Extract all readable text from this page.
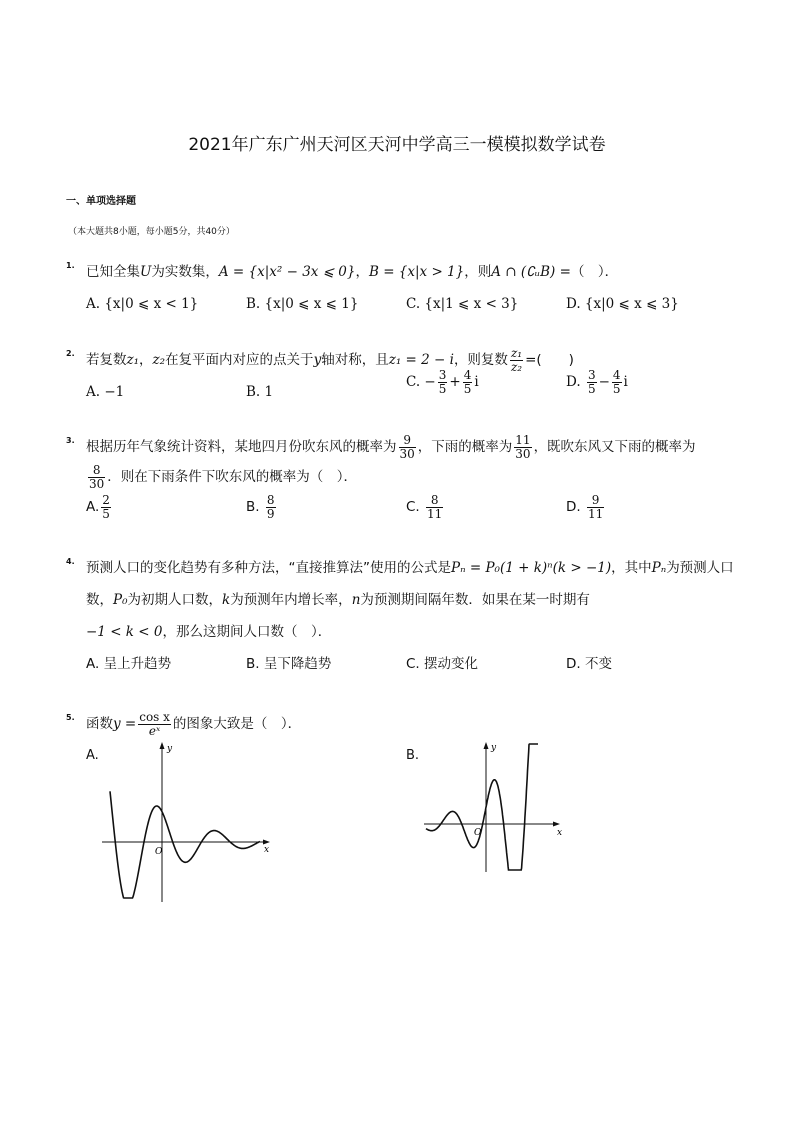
2021年广东广州天河区天河中学高三一模模拟数学试卷
一、单项选择题
（本大题共8小题，每小题5分，共40分）
1. 已知全集U为实数集，A = {x|x² − 3x ⩽ 0}，B = {x|x > 1}，则A ∩ (∁ᵤB) =（　）．
A. {x|0 ⩽ x < 1}	B. {x|0 ⩽ x ⩽ 1}	C. {x|1 ⩽ x < 3}	D. {x|0 ⩽ x ⩽ 3}
2. 若复数z₁，z₂在复平面内对应的点关于y轴对称，且z₁ = 2 − i，则复数 $\frac{\text{z₁}}{\text{z₂}}$ =(　　)
A. −1	B. 1
C. − $\frac{3}{5} + \frac{4}{5}$ i	D. $\frac{3}{5} - \frac{4}{5}$ i
3. 根据历年气象统计资料，某地四月份吹东风的概率为 $\frac{9}{30}$ ，下雨的概率为 $\frac{11}{30}$ ，既吹东风又下雨的概率为

$\frac{8}{30}$ ．则在下雨条件下吹东风的概率为（　）．
A. $\frac{2}{5}$	B. $\frac{8}{9}$	C. $\frac{8}{11}$	D. $\frac{9}{11}$
4. 预测人口的变化趋势有多种方法，“直接推算法”使用的公式是Pₙ = P₀(1 + k)ⁿ(k > −1)，其中Pₙ为预测人口数，P₀为初期人口数，k为预测年内增长率，n为预测期间隔年数．如果在某一时期有
−1 < k < 0，那么这期间人口数（　）．
A. 呈上升趋势	B. 呈下降趋势	C. 摆动变化	D. 不变
5. 函数$y = \frac{\text{cos x}}{\text{eˣ}}$ 的图象大致是（　）．
A.	B.
y
x
O
y
x
O
